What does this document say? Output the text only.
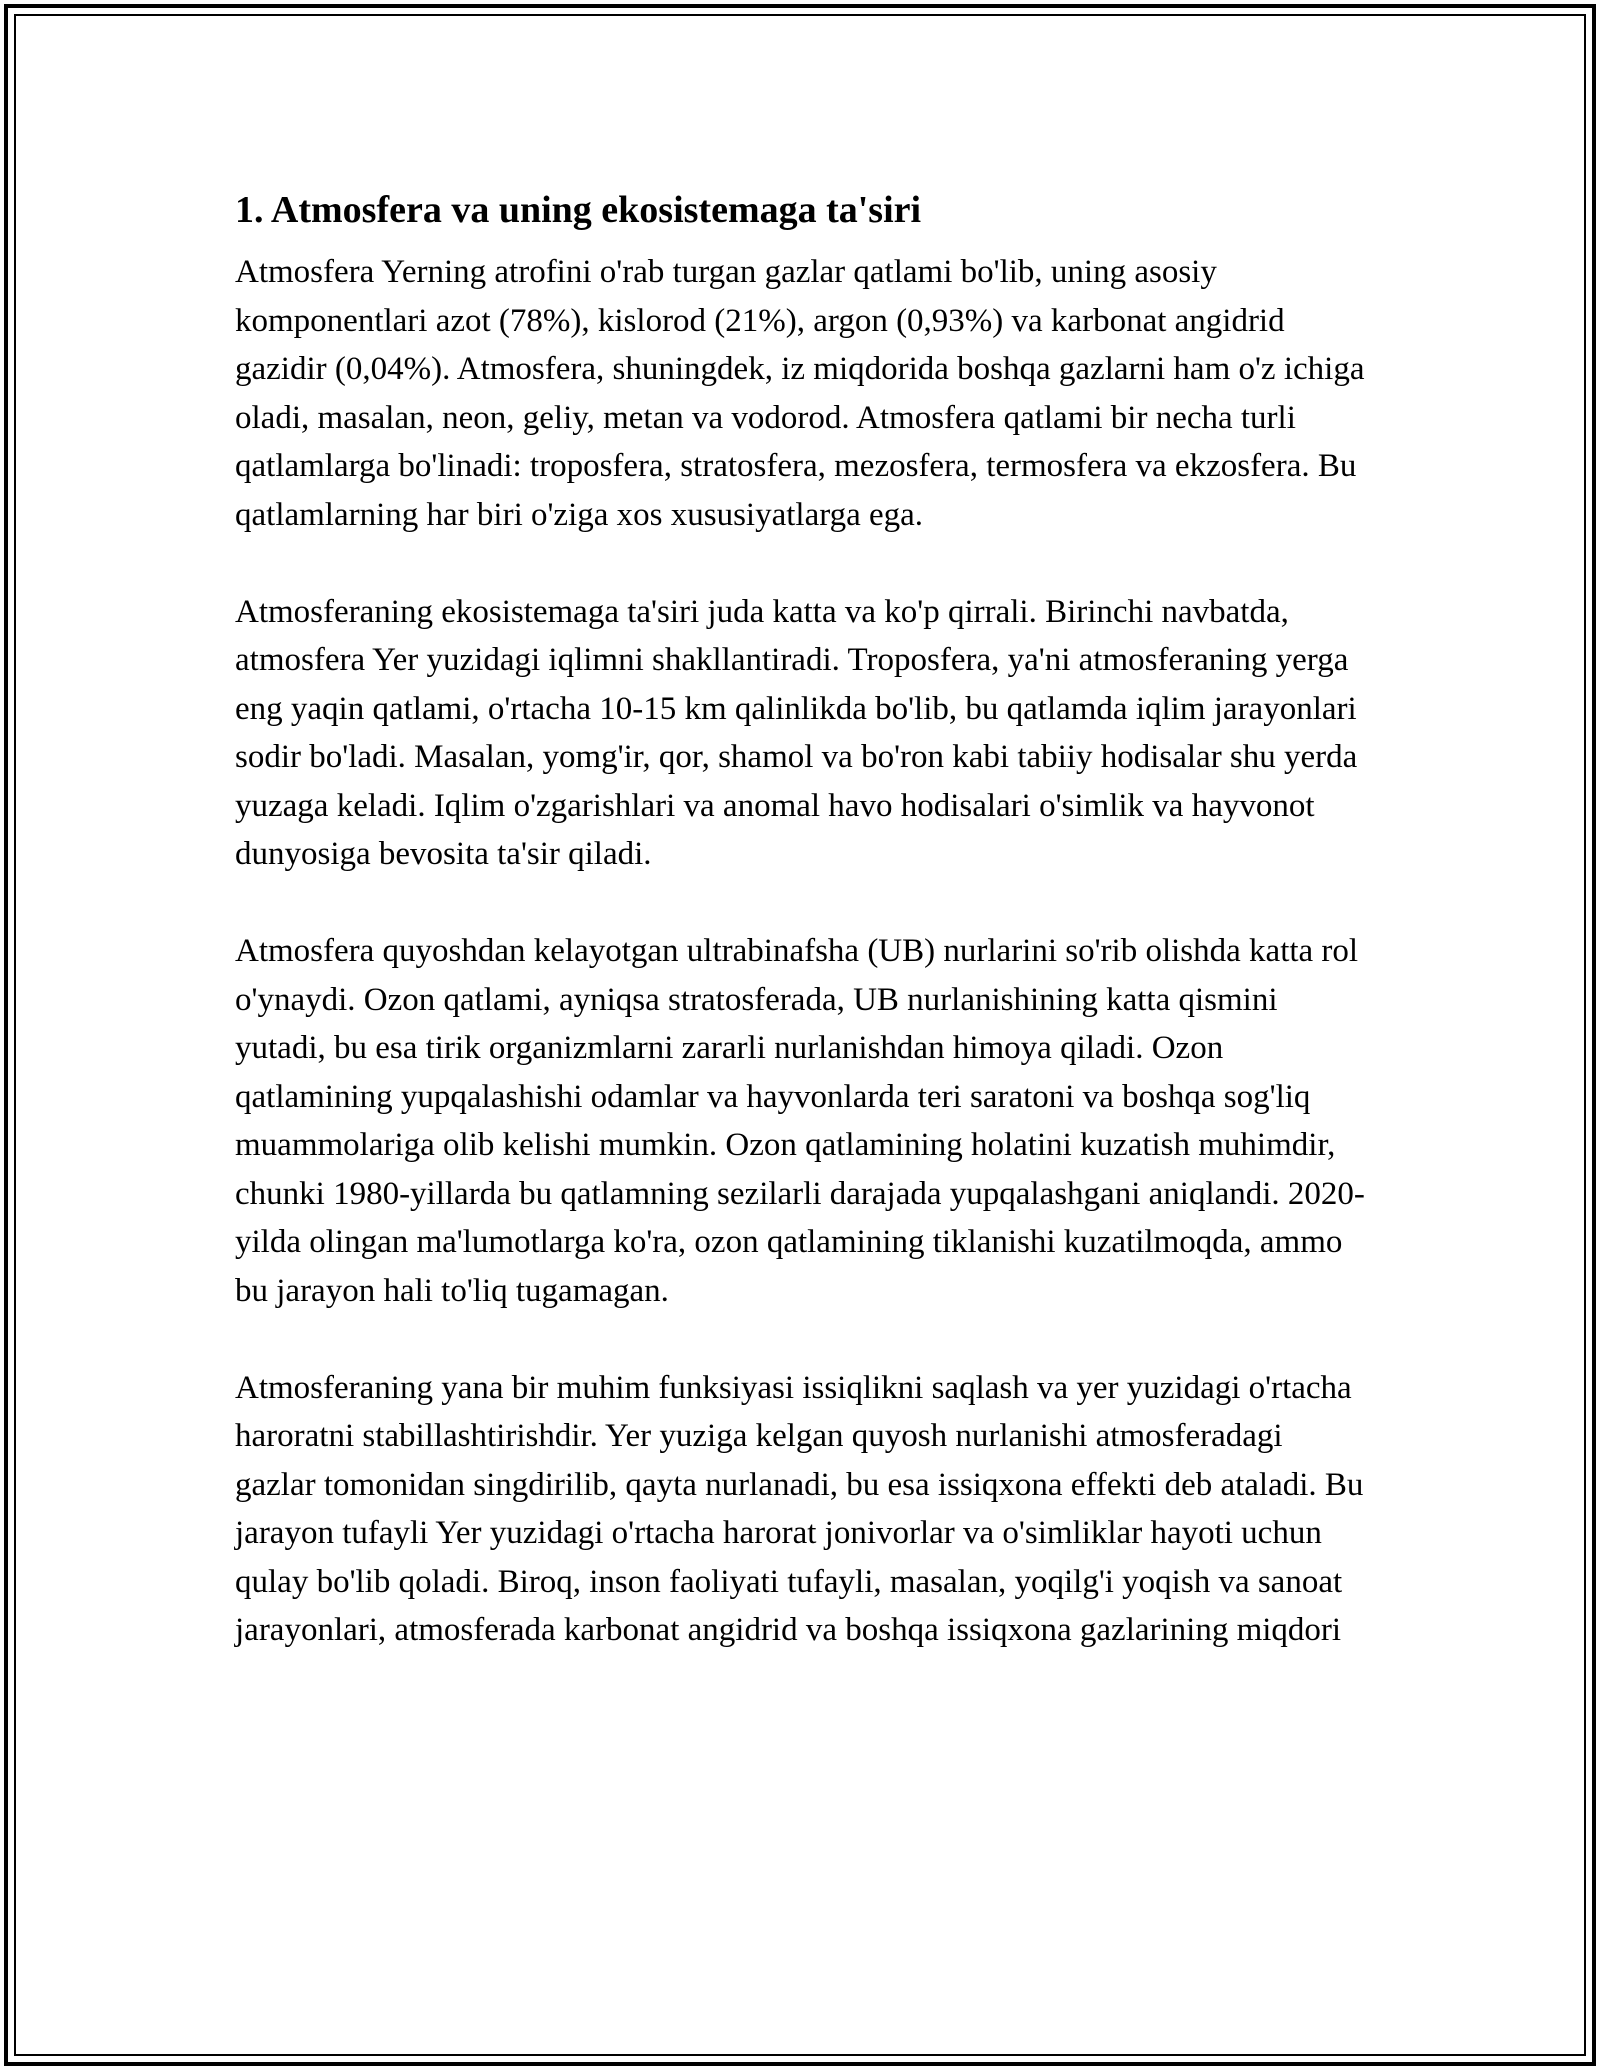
1. Atmosfera va uning ekosistemaga ta'siri

Atmosfera Yerning atrofini o'rab turgan gazlar qatlami bo'lib, uning asosiy komponentlari azot (78%), kislorod (21%), argon (0,93%) va karbonat angidrid gazidir (0,04%). Atmosfera, shuningdek, iz miqdorida boshqa gazlarni ham o'z ichiga oladi, masalan, neon, geliy, metan va vodorod. Atmosfera qatlami bir necha turli qatlamlarga bo'linadi: troposfera, stratosfera, mezosfera, termosfera va ekzosfera. Bu qatlamlarning har biri o'ziga xos xususiyatlarga ega.

Atmosferaning ekosistemaga ta'siri juda katta va ko'p qirrali. Birinchi navbatda, atmosfera Yer yuzidagi iqlimni shakllantiradi. Troposfera, ya'ni atmosferaning yerga eng yaqin qatlami, o'rtacha 10-15 km qalinlikda bo'lib, bu qatlamda iqlim jarayonlari sodir bo'ladi. Masalan, yomg'ir, qor, shamol va bo'ron kabi tabiiy hodisalar shu yerda yuzaga keladi. Iqlim o'zgarishlari va anomal havo hodisalari o'simlik va hayvonot dunyosiga bevosita ta'sir qiladi.

Atmosfera quyoshdan kelayotgan ultrabinafsha (UB) nurlarini so'rib olishda katta rol o'ynaydi. Ozon qatlami, ayniqsa stratosferada, UB nurlanishining katta qismini yutadi, bu esa tirik organizmlarni zararli nurlanishdan himoya qiladi. Ozon qatlamining yupqalashishi odamlar va hayvonlarda teri saratoni va boshqa sog'liq muammolariga olib kelishi mumkin. Ozon qatlamining holatini kuzatish muhimdir, chunki 1980-yillarda bu qatlamning sezilarli darajada yupqalashgani aniqlandi. 2020-yilda olingan ma'lumotlarga ko'ra, ozon qatlamining tiklanishi kuzatilmoqda, ammo bu jarayon hali to'liq tugamagan.

Atmosferaning yana bir muhim funksiyasi issiqlikni saqlash va yer yuzidagi o'rtacha haroratni stabillashtirishdir. Yer yuziga kelgan quyosh nurlanishi atmosferadagi gazlar tomonidan singdirilib, qayta nurlanadi, bu esa issiqxona effekti deb ataladi. Bu jarayon tufayli Yer yuzidagi o'rtacha harorat jonivorlar va o'simliklar hayoti uchun qulay bo'lib qoladi. Biroq, inson faoliyati tufayli, masalan, yoqilg'i yoqish va sanoat jarayonlari, atmosferada karbonat angidrid va boshqa issiqxona gazlarining miqdori
